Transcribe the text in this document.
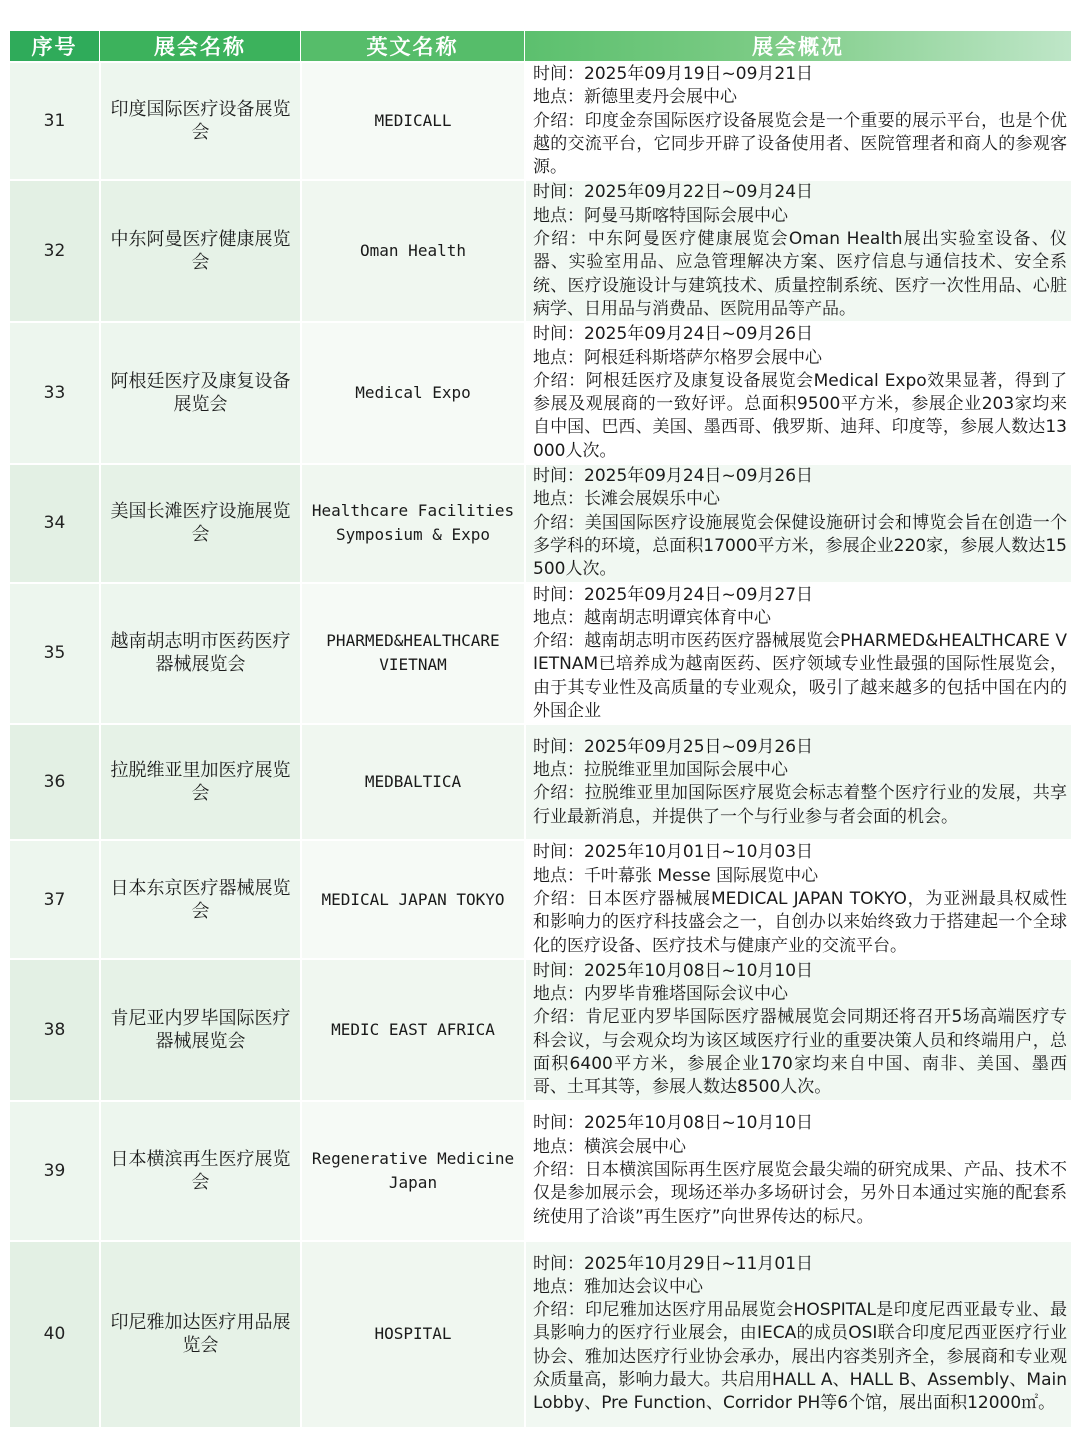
序号	展会名称	英文名称	展会概况
31	印度国际医疗设备展览会	MEDICALL	时间：2025年09月19日~09月21日
地点：新德里麦丹会展中心
介绍：印度金奈国际医疗设备展览会是一个重要的展示平台，也是个优越的交流平台，它同步开辟了设备使用者、医院管理者和商人的参观客源。

32	中东阿曼医疗健康展览会	Oman Health	时间：2025年09月22日~09月24日
地点：阿曼马斯喀特国际会展中心
介绍：中东阿曼医疗健康展览会Oman Health展出实验室设备、仪器、实验室用品、应急管理解决方案、医疗信息与通信技术、安全系统、医疗设施设计与建筑技术、质量控制系统、医疗一次性用品、心脏病学、日用品与消费品、医院用品等产品。

33	阿根廷医疗及康复设备展览会	Medical Expo	时间：2025年09月24日~09月26日
地点：阿根廷科斯塔萨尔格罗会展中心
介绍：阿根廷医疗及康复设备展览会Medical Expo效果显著，得到了参展及观展商的一致好评。总面积9500平方米，参展企业203家均来自中国、巴西、美国、墨西哥、俄罗斯、迪拜、印度等，参展人数达13000人次。

34	美国长滩医疗设施展览会	Healthcare Facilities Symposium & Expo	时间：2025年09月24日~09月26日
地点：长滩会展娱乐中心
介绍：美国国际医疗设施展览会保健设施研讨会和博览会旨在创造一个多学科的环境，总面积17000平方米，参展企业220家，参展人数达15500人次。

35	越南胡志明市医药医疗器械展览会	PHARMED&HEALTHCARE VIETNAM	时间：2025年09月24日~09月27日
地点：越南胡志明谭宾体育中心
介绍：越南胡志明市医药医疗器械展览会PHARMED&HEALTHCARE VIETNAM已培养成为越南医药、医疗领域专业性最强的国际性展览会，由于其专业性及高质量的专业观众，吸引了越来越多的包括中国在内的外国企业

36	拉脱维亚里加医疗展览会	MEDBALTICA	时间：2025年09月25日~09月26日
地点：拉脱维亚里加国际会展中心
介绍：拉脱维亚里加国际医疗展览会标志着整个医疗行业的发展，共享行业最新消息，并提供了一个与行业参与者会面的机会。

37	日本东京医疗器械展览会	MEDICAL JAPAN TOKYO	时间：2025年10月01日~10月03日
地点：千叶幕张 Messe 国际展览中心
介绍：日本医疗器械展MEDICAL JAPAN TOKYO，为亚洲最具权威性和影响力的医疗科技盛会之一，自创办以来始终致力于搭建起一个全球化的医疗设备、医疗技术与健康产业的交流平台。

38	肯尼亚内罗毕国际医疗器械展览会	MEDIC EAST AFRICA	时间：2025年10月08日~10月10日
地点：内罗毕肯雅塔国际会议中心
介绍：肯尼亚内罗毕国际医疗器械展览会同期还将召开5场高端医疗专科会议，与会观众均为该区域医疗行业的重要决策人员和终端用户，总面积6400平方米，参展企业170家均来自中国、南非、美国、墨西哥、土耳其等，参展人数达8500人次。

39	日本横滨再生医疗展览会	Regenerative Medicine Japan	时间：2025年10月08日~10月10日
地点：横滨会展中心
介绍：日本横滨国际再生医疗展览会最尖端的研究成果、产品、技术不仅是参加展示会，现场还举办多场研讨会，另外日本通过实施的配套系统使用了洽谈”再生医疗”向世界传达的标尺。

40	印尼雅加达医疗用品展览会	HOSPITAL	时间：2025年10月29日~11月01日
地点：雅加达会议中心
介绍：印尼雅加达医疗用品展览会HOSPITAL是印度尼西亚最专业、最具影响力的医疗行业展会，由IECA的成员OSI联合印度尼西亚医疗行业协会、雅加达医疗行业协会承办，展出内容类别齐全，参展商和专业观众质量高，影响力最大。共启用HALL A、HALL B、Assembly、Main Lobby、Pre Function、Corridor PH等6个馆，展出面积12000㎡。
